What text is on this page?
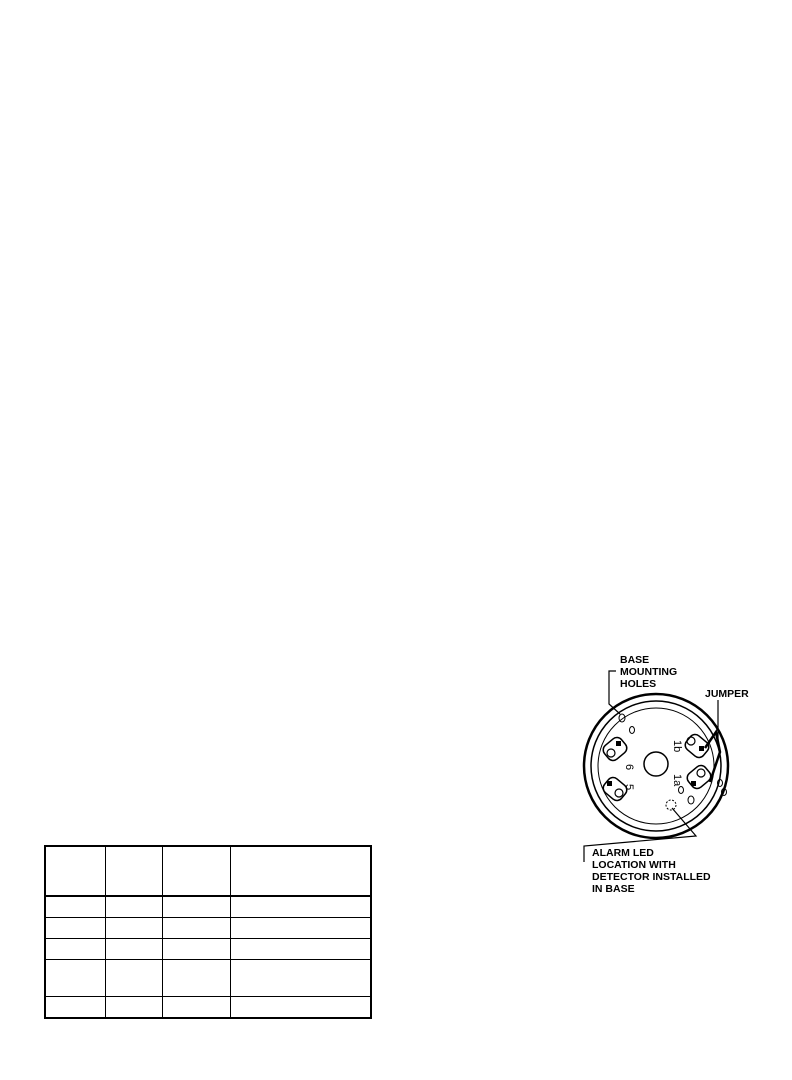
6
5
1b
1a
BASE
MOUNTING
HOLES
JUMPER
ALARM LED
LOCATION WITH
DETECTOR INSTALLED
IN BASE
